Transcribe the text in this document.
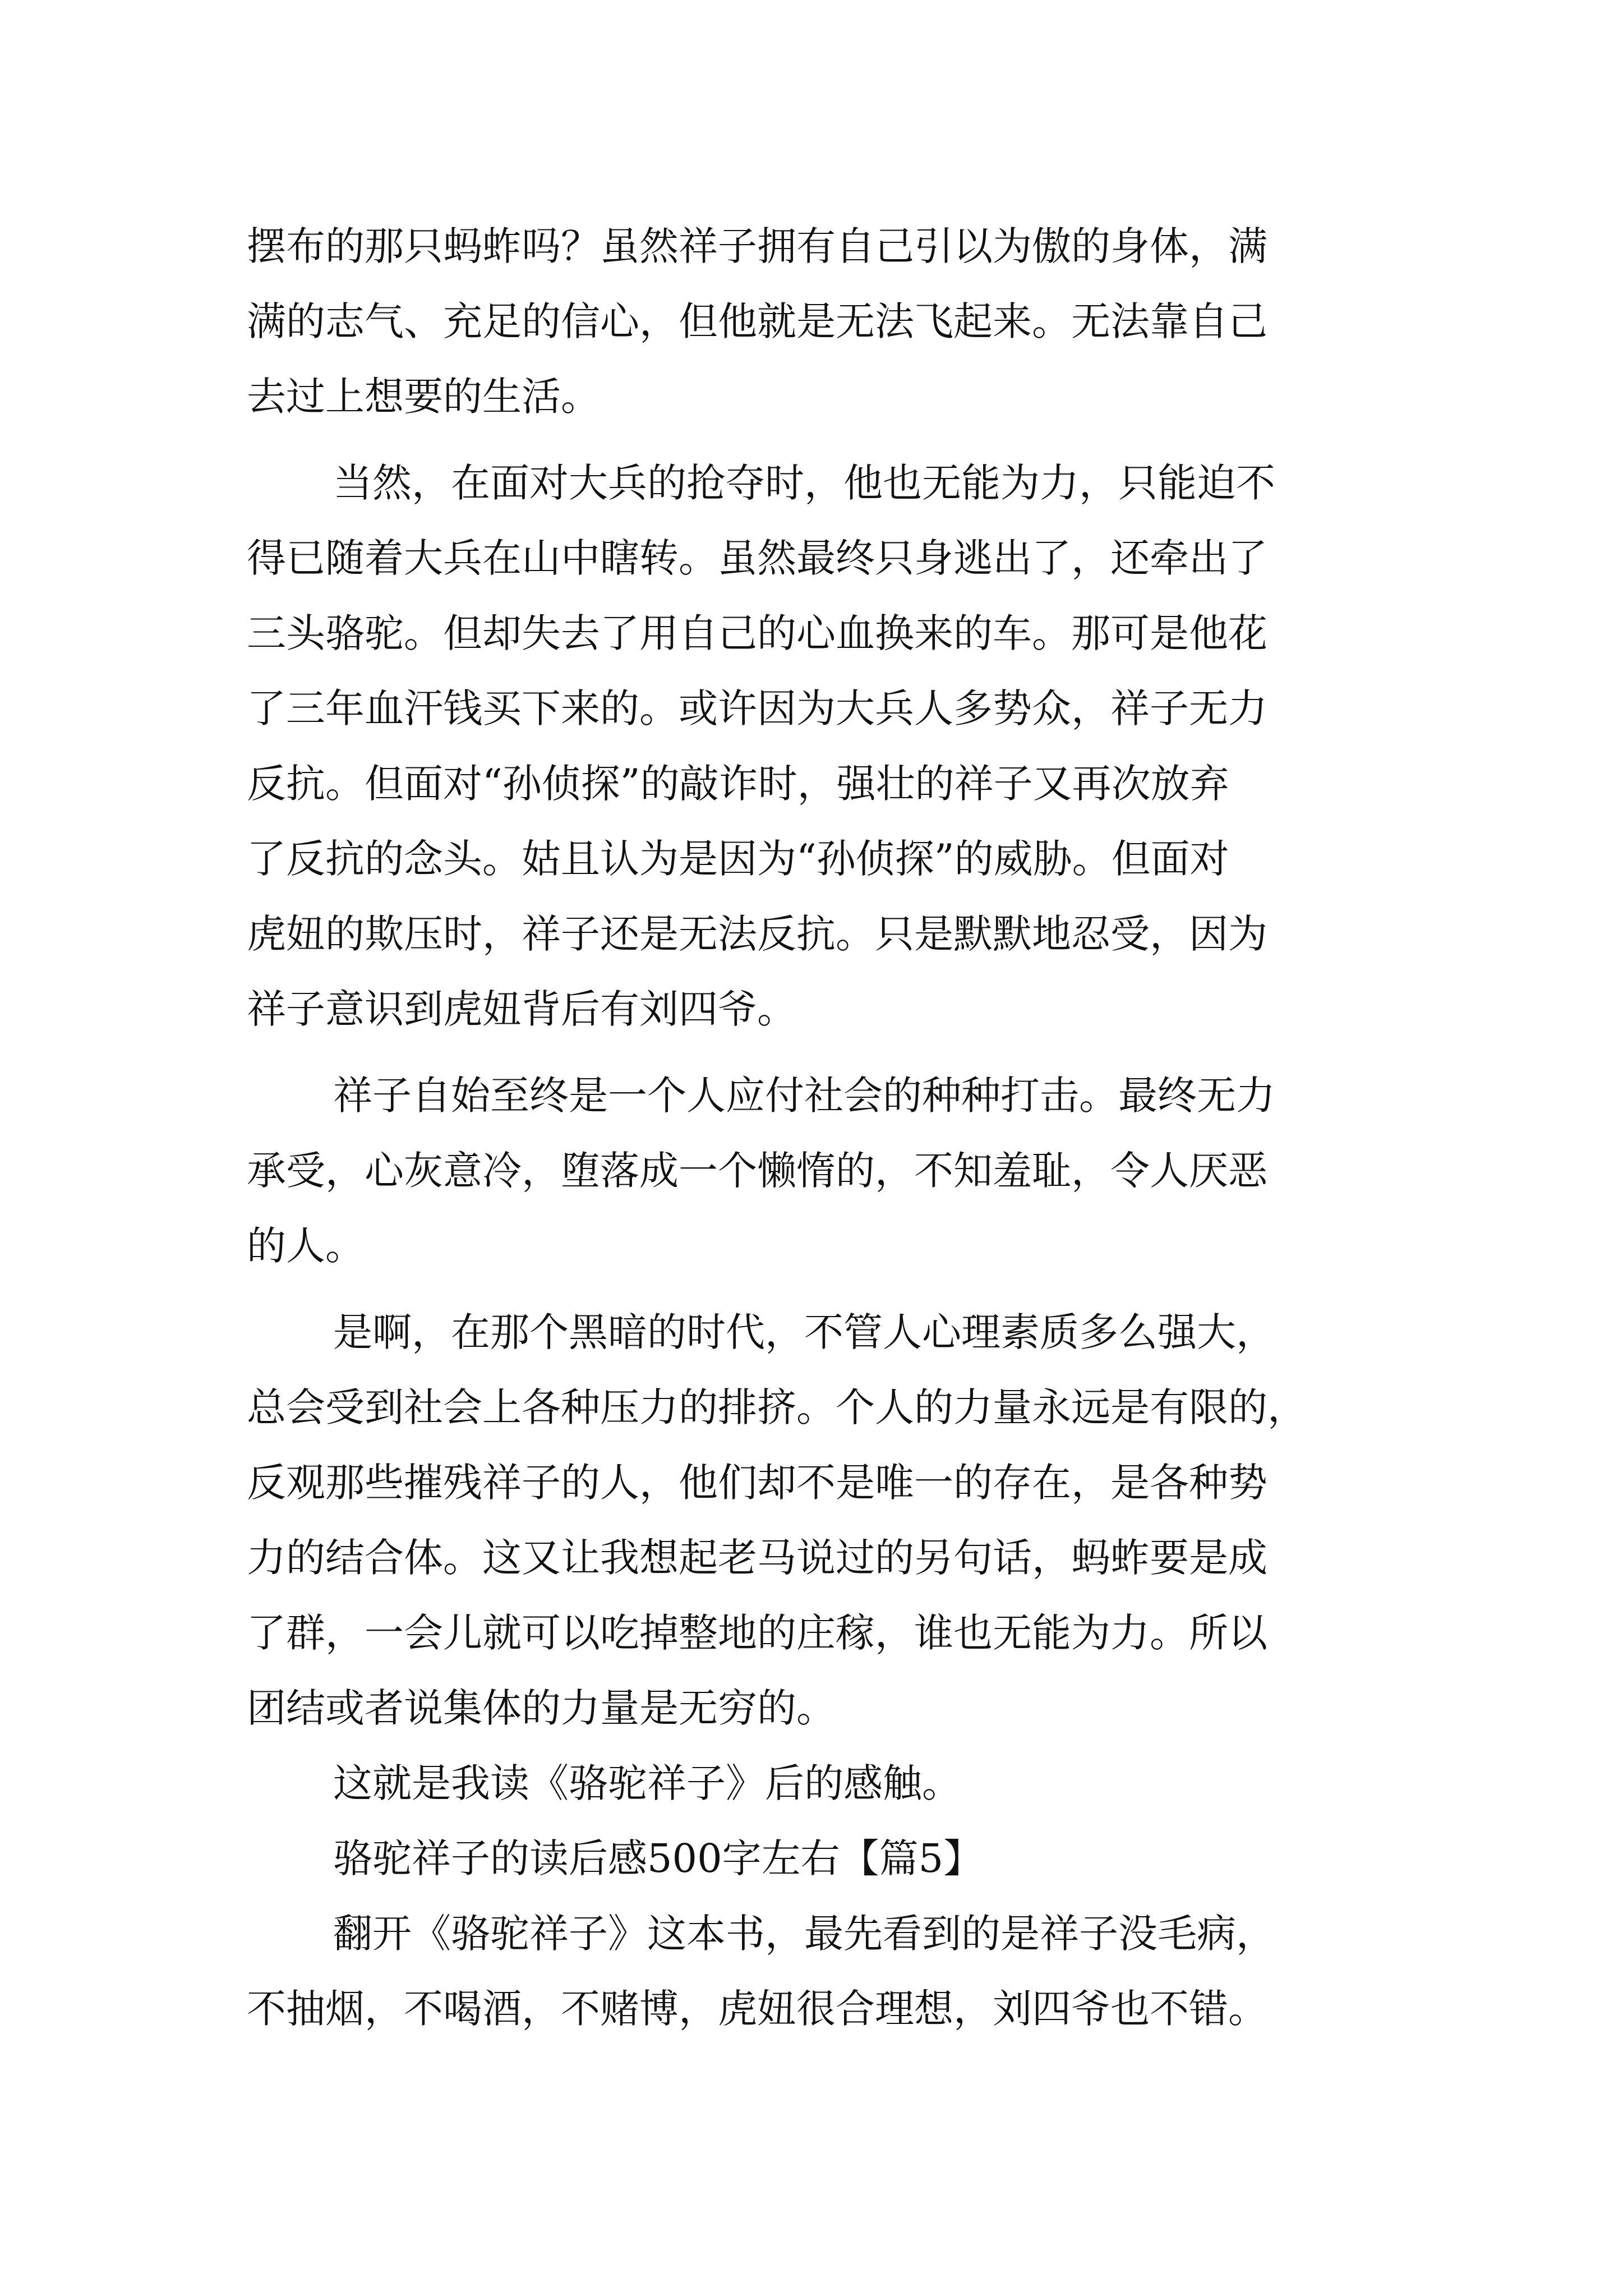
摆布的那只蚂蚱吗？虽然祥子拥有自己引以为傲的身体，满
满的志气、充足的信心，但他就是无法飞起来。无法靠自己
去过上想要的生活。
当然，在面对大兵的抢夺时，他也无能为力，只能迫不
得已随着大兵在山中瞎转。虽然最终只身逃出了，还牵出了
三头骆驼。但却失去了用自己的心血换来的车。那可是他花
了三年血汗钱买下来的。或许因为大兵人多势众，祥子无力
反抗。但面对“孙侦探”的敲诈时，强壮的祥子又再次放弃
了反抗的念头。姑且认为是因为“孙侦探”的威胁。但面对
虎妞的欺压时，祥子还是无法反抗。只是默默地忍受，因为
祥子意识到虎妞背后有刘四爷。
祥子自始至终是一个人应付社会的种种打击。最终无力
承受，心灰意冷，堕落成一个懒惰的，不知羞耻，令人厌恶
的人。
是啊，在那个黑暗的时代，不管人心理素质多么强大，
总会受到社会上各种压力的排挤。个人的力量永远是有限的，
反观那些摧残祥子的人，他们却不是唯一的存在，是各种势
力的结合体。这又让我想起老马说过的另句话，蚂蚱要是成
了群，一会儿就可以吃掉整地的庄稼，谁也无能为力。所以
团结或者说集体的力量是无穷的。
这就是我读《骆驼祥子》后的感触。
骆驼祥子的读后感500字左右【篇5】
翻开《骆驼祥子》这本书，最先看到的是祥子没毛病，
不抽烟，不喝酒，不赌博，虎妞很合理想，刘四爷也不错。
